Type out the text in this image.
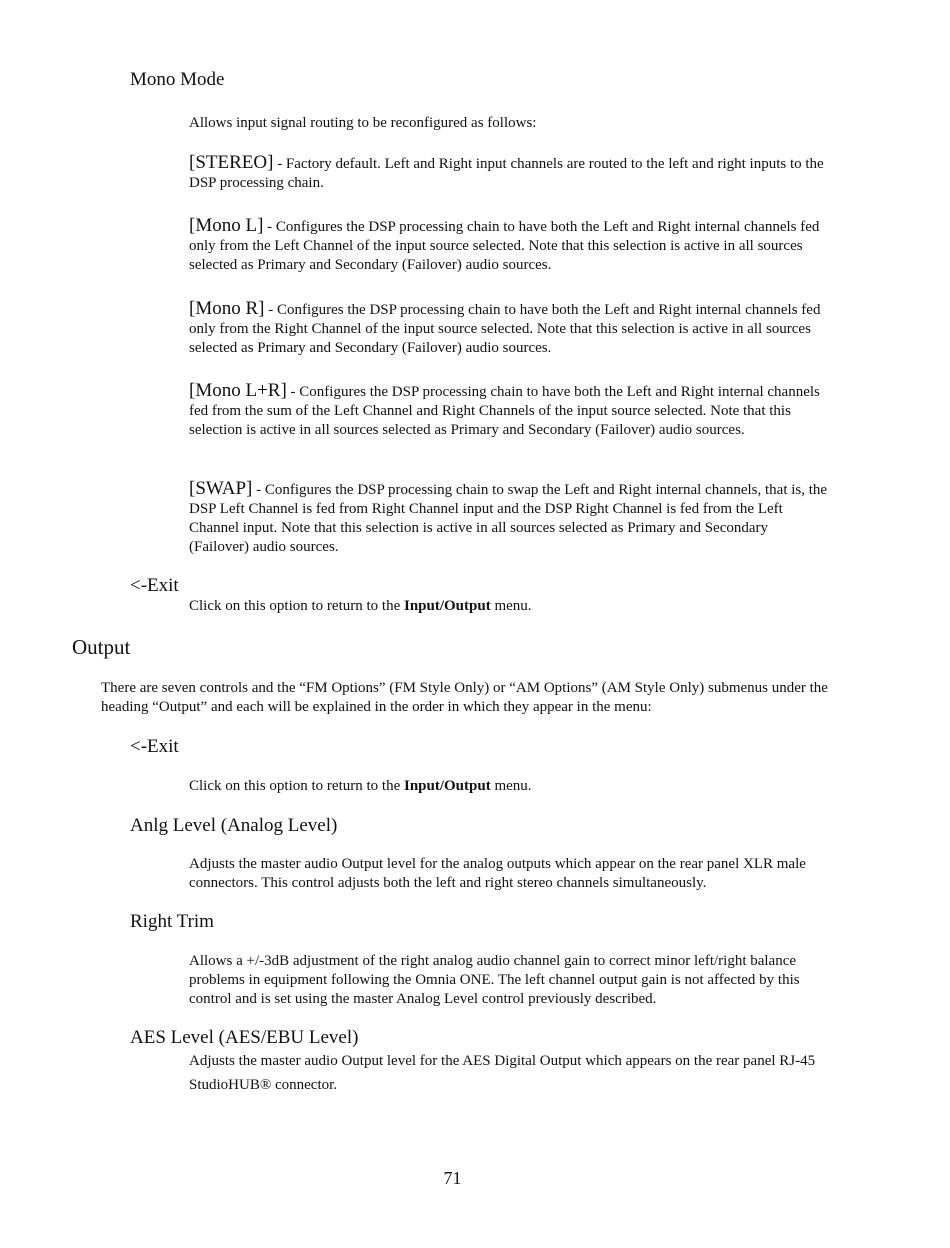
Mono Mode
Allows input signal routing to be reconfigured as follows:
[STEREO] - Factory default. Left and Right input channels are routed to the left and right inputs to the DSP processing chain.
[Mono L] - Configures the DSP processing chain to have both the Left and Right internal channels fed only from the Left Channel of the input source selected. Note that this selection is active in all sources selected as Primary and Secondary (Failover) audio sources.
[Mono R] - Configures the DSP processing chain to have both the Left and Right internal channels fed only from the Right Channel of the input source selected. Note that this selection is active in all sources selected as Primary and Secondary (Failover) audio sources.
[Mono L+R] - Configures the DSP processing chain to have both the Left and Right internal channels fed from the sum of the Left Channel and Right Channels of the input source selected. Note that this selection is active in all sources selected as Primary and Secondary (Failover) audio sources.
[SWAP] - Configures the DSP processing chain to swap the Left and Right internal channels, that is, the DSP Left Channel is fed from Right Channel input and the DSP Right Channel is fed from the Left Channel input. Note that this selection is active in all sources selected as Primary and Secondary (Failover) audio sources.
<-Exit
Click on this option to return to the Input/Output menu.
Output
There are seven controls and the “FM Options” (FM Style Only) or “AM Options” (AM Style Only) submenus under the heading “Output” and each will be explained in the order in which they appear in the menu:
<-Exit
Click on this option to return to the Input/Output menu.
Anlg Level (Analog Level)
Adjusts the master audio Output level for the analog outputs which appear on the rear panel XLR male connectors. This control adjusts both the left and right stereo channels simultaneously.
Right Trim
Allows a +/-3dB adjustment of the right analog audio channel gain to correct minor left/right balance problems in equipment following the Omnia ONE. The left channel output gain is not affected by this control and is set using the master Analog Level control previously described.
AES Level (AES/EBU Level)
Adjusts the master audio Output level for the AES Digital Output which appears on the rear panel RJ-45 StudioHUB® connector.
71
